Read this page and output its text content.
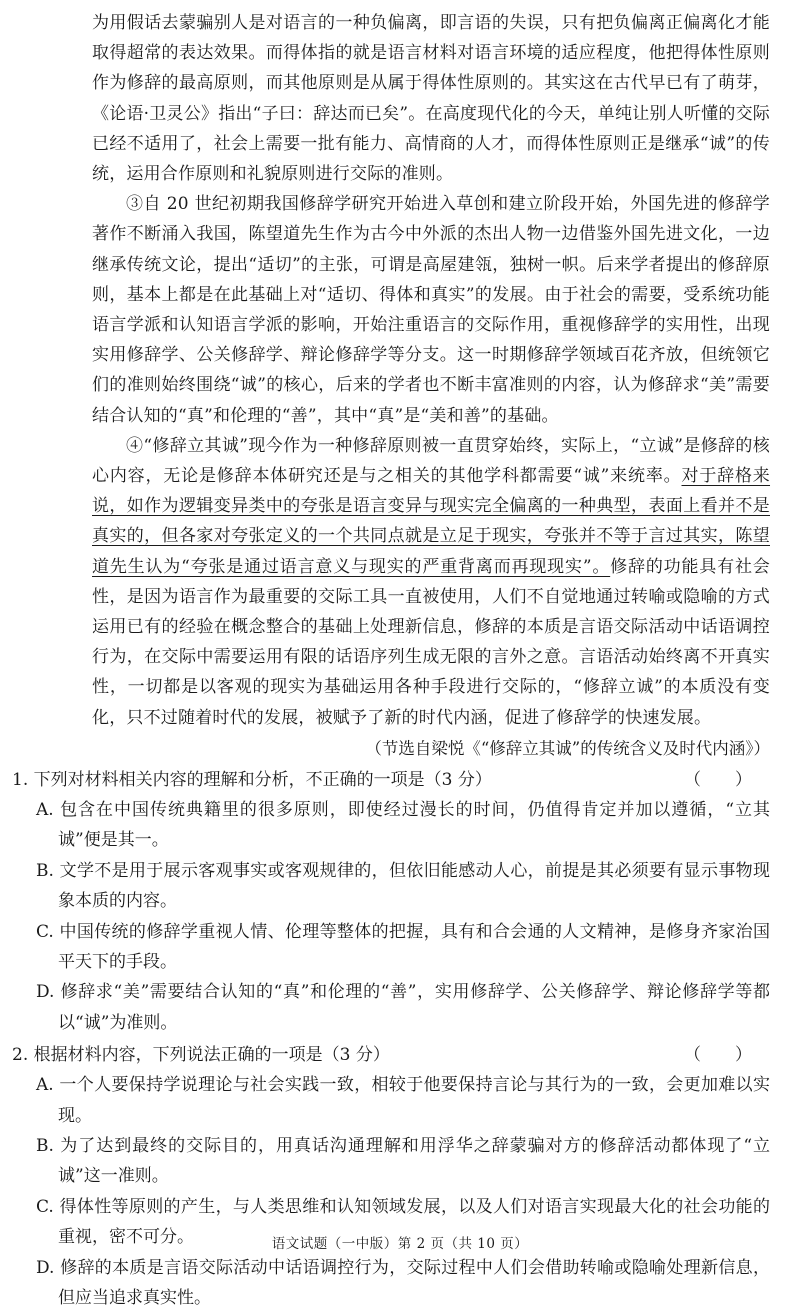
为用假话去蒙骗别人是对语言的一种负偏离，即言语的失误，只有把负偏离正偏离化才能取得超常的表达效果。而得体指的就是语言材料对语言环境的适应程度，他把得体性原则作为修辞的最高原则，而其他原则是从属于得体性原则的。其实这在古代早已有了萌芽，《论语·卫灵公》指出“子曰：辞达而已矣”。在高度现代化的今天，单纯让别人听懂的交际已经不适用了，社会上需要一批有能力、高情商的人才，而得体性原则正是继承“诚”的传统，运用合作原则和礼貌原则进行交际的准则。

③自 20 世纪初期我国修辞学研究开始进入草创和建立阶段开始，外国先进的修辞学著作不断涌入我国，陈望道先生作为古今中外派的杰出人物一边借鉴外国先进文化，一边继承传统文论，提出“适切”的主张，可谓是高屋建瓴，独树一帜。后来学者提出的修辞原则，基本上都是在此基础上对“适切、得体和真实”的发展。由于社会的需要，受系统功能语言学派和认知语言学派的影响，开始注重语言的交际作用，重视修辞学的实用性，出现实用修辞学、公关修辞学、辩论修辞学等分支。这一时期修辞学领域百花齐放，但统领它们的准则始终围绕“诚”的核心，后来的学者也不断丰富准则的内容，认为修辞求“美”需要结合认知的“真”和伦理的“善”，其中“真”是“美和善”的基础。

④“修辞立其诚”现今作为一种修辞原则被一直贯穿始终，实际上，“立诚”是修辞的核心内容，无论是修辞本体研究还是与之相关的其他学科都需要“诚”来统率。对于辞格来说，如作为逻辑变异类中的夸张是语言变异与现实完全偏离的一种典型，表面上看并不是真实的，但各家对夸张定义的一个共同点就是立足于现实，夸张并不等于言过其实，陈望道先生认为“夸张是通过语言意义与现实的严重背离而再现现实”。修辞的功能具有社会性，是因为语言作为最重要的交际工具一直被使用，人们不自觉地通过转喻或隐喻的方式运用已有的经验在概念整合的基础上处理新信息，修辞的本质是言语交际活动中话语调控行为，在交际中需要运用有限的话语序列生成无限的言外之意。言语活动始终离不开真实性，一切都是以客观的现实为基础运用各种手段进行交际的，“修辞立诚”的本质没有变化，只不过随着时代的发展，被赋予了新的时代内涵，促进了修辞学的快速发展。

（节选自梁悦《“修辞立其诚”的传统含义及时代内涵》）

1. 下列对材料相关内容的理解和分析，不正确的一项是（3 分）	（　　）

A. 包含在中国传统典籍里的很多原则，即使经过漫长的时间，仍值得肯定并加以遵循，“立其诚”便是其一。

B. 文学不是用于展示客观事实或客观规律的，但依旧能感动人心，前提是其必须要有显示事物现象本质的内容。

C. 中国传统的修辞学重视人情、伦理等整体的把握，具有和合会通的人文精神，是修身齐家治国平天下的手段。

D. 修辞求“美”需要结合认知的“真”和伦理的“善”，实用修辞学、公关修辞学、辩论修辞学等都以“诚”为准则。

2. 根据材料内容，下列说法正确的一项是（3 分）	（　　）

A. 一个人要保持学说理论与社会实践一致，相较于他要保持言论与其行为的一致，会更加难以实现。

B. 为了达到最终的交际目的，用真话沟通理解和用浮华之辞蒙骗对方的修辞活动都体现了“立诚”这一准则。

C. 得体性等原则的产生，与人类思维和认知领域发展，以及人们对语言实现最大化的社会功能的重视，密不可分。

D. 修辞的本质是言语交际活动中话语调控行为，交际过程中人们会借助转喻或隐喻处理新信息，但应当追求真实性。

语文试题（一中版）第 2 页（共 10 页）
